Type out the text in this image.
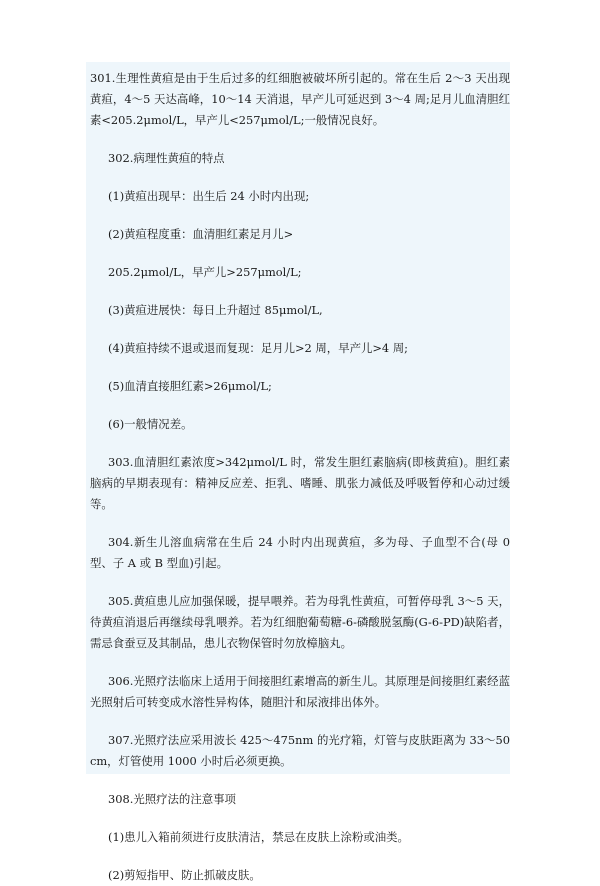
301.生理性黄疸是由于生后过多的红细胞被破坏所引起的。常在生后 2～3 天出现黄疸，4～5 天达高峰，10～14 天消退，早产儿可延迟到 3～4 周;足月儿血清胆红素<205.2μmol/L，早产儿<257μmol/L;一般情况良好。

302.病理性黄疸的特点

(1)黄疸出现早：出生后 24 小时内出现;

(2)黄疸程度重：血清胆红素足月儿>

205.2μmol/L，早产儿>257μmol/L;

(3)黄疸进展快：每日上升超过 85μmol/L,

(4)黄疸持续不退或退而复现：足月儿>2 周，早产儿>4 周;

(5)血清直接胆红素>26μmol/L;

(6)一般情况差。

303.血清胆红素浓度>342μmol/L 时，常发生胆红素脑病(即核黄疸)。胆红素脑病的早期表现有：精神反应差、拒乳、嗜睡、肌张力减低及呼吸暂停和心动过缓等。

304.新生儿溶血病常在生后 24 小时内出现黄疸，多为母、子血型不合(母 0 型、子 A 或 B 型血)引起。

305.黄疸患儿应加强保暖，提早喂养。若为母乳性黄疸，可暂停母乳 3～5 天，待黄疸消退后再继续母乳喂养。若为红细胞葡萄糖-6-磷酸脱氢酶(G-6-PD)缺陷者，需忌食蚕豆及其制品，患儿衣物保管时勿放樟脑丸。

306.光照疗法临床上适用于间接胆红素增高的新生儿。其原理是间接胆红素经蓝光照射后可转变成水溶性异构体，随胆汁和尿液排出体外。

307.光照疗法应采用波长 425～475nm 的光疗箱，灯管与皮肤距离为 33～50cm，灯管使用 1000 小时后必须更换。

308.光照疗法的注意事项

(1)患儿入箱前须进行皮肤清洁，禁忌在皮肤上涂粉或油类。

(2)剪短指甲、防止抓破皮肤。
